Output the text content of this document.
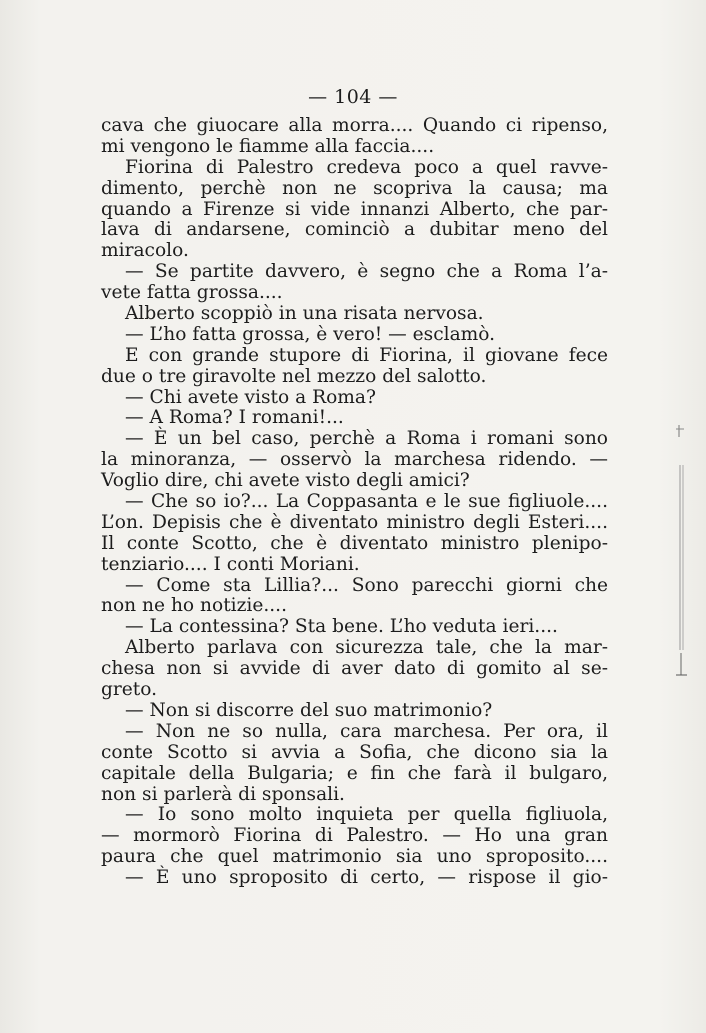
— 104 —
cava che giuocare alla morra.... Quando ci ripenso,
mi vengono le fiamme alla faccia....
Fiorina di Palestro credeva poco a quel ravve-
dimento, perchè non ne scopriva la causa; ma
quando a Firenze si vide innanzi Alberto, che par-
lava di andarsene, cominciò a dubitar meno del
miracolo.
— Se partite davvero, è segno che a Roma l’a-
vete fatta grossa....
Alberto scoppiò in una risata nervosa.
— L’ho fatta grossa, è vero! — esclamò.
E con grande stupore di Fiorina, il giovane fece
due o tre giravolte nel mezzo del salotto.
— Chi avete visto a Roma?
— A Roma? I romani!...
— È un bel caso, perchè a Roma i romani sono
la minoranza, — osservò la marchesa ridendo. —
Voglio dire, chi avete visto degli amici?
— Che so io?... La Coppasanta e le sue figliuole....
L’on. Depisis che è diventato ministro degli Esteri....
Il conte Scotto, che è diventato ministro plenipo-
tenziario.... I conti Moriani.
— Come sta Lillia?... Sono parecchi giorni che
non ne ho notizie....
— La contessina? Sta bene. L’ho veduta ieri....
Alberto parlava con sicurezza tale, che la mar-
chesa non si avvide di aver dato di gomito al se-
greto.
— Non si discorre del suo matrimonio?
— Non ne so nulla, cara marchesa. Per ora, il
conte Scotto si avvia a Sofia, che dicono sia la
capitale della Bulgaria; e fin che farà il bulgaro,
non si parlerà di sponsali.
— Io sono molto inquieta per quella figliuola,
— mormorò Fiorina di Palestro. — Ho una gran
paura che quel matrimonio sia uno sproposito....
— È uno sproposito di certo, — rispose il gio-
